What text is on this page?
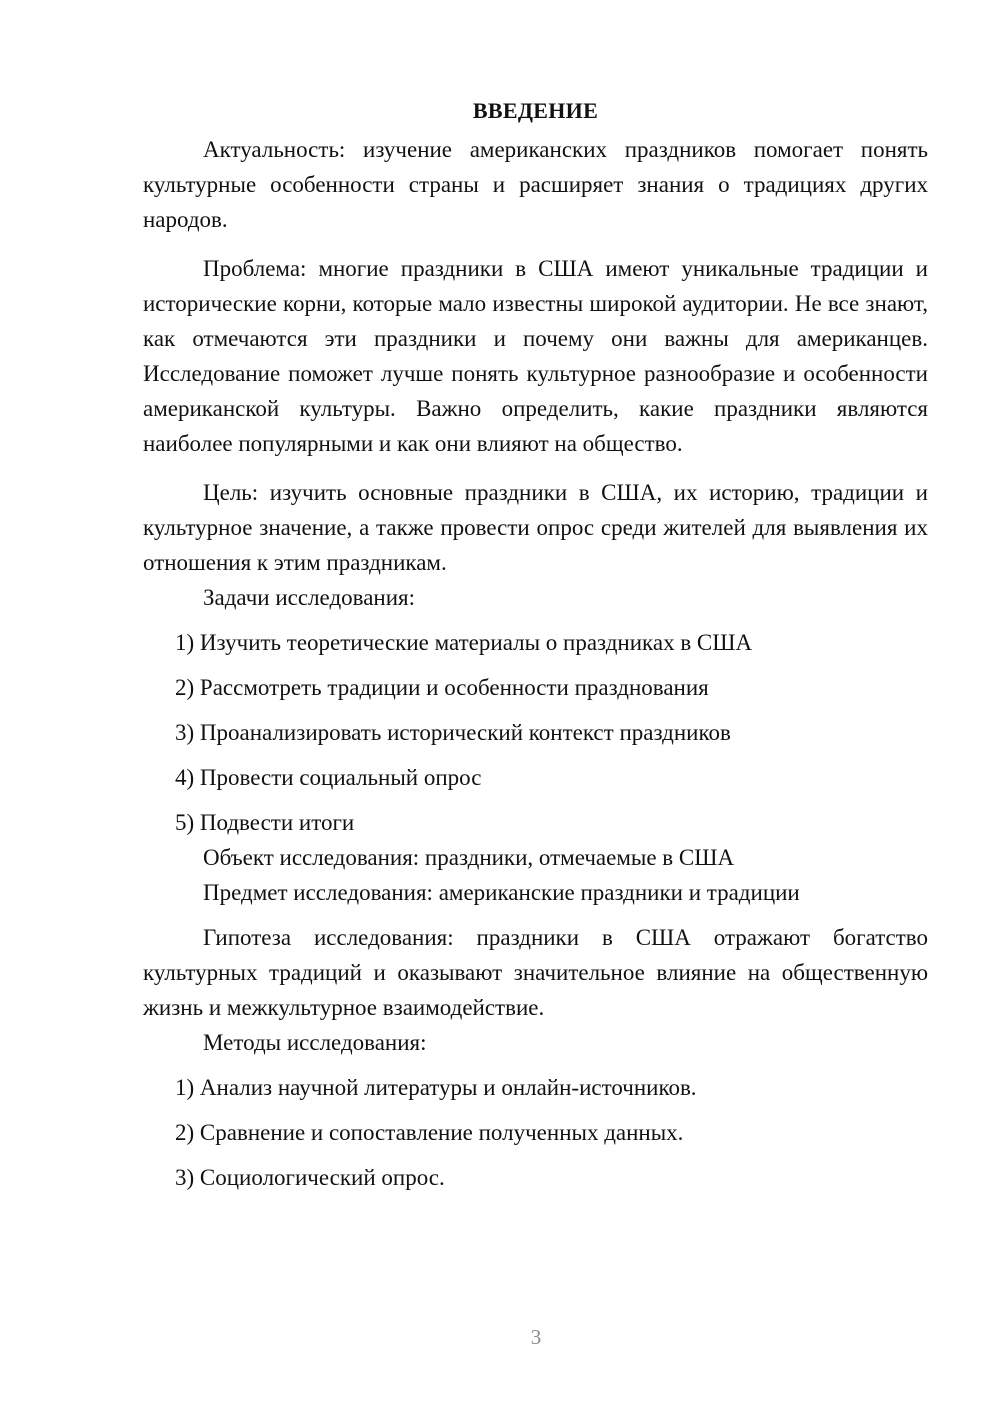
ВВЕДЕНИЕ

Актуальность: изучение американских праздников помогает понять культурные особенности страны и расширяет знания о традициях других народов.

Проблема: многие праздники в США имеют уникальные традиции и исторические корни, которые мало известны широкой аудитории. Не все знают, как отмечаются эти праздники и почему они важны для американцев. Исследование поможет лучше понять культурное разнообразие и особенности американской культуры. Важно определить, какие праздники являются наиболее популярными и как они влияют на общество.

Цель: изучить основные праздники в США, их историю, традиции и культурное значение, а также провести опрос среди жителей для выявления их отношения к этим праздникам.

Задачи исследования:

1) Изучить теоретические материалы о праздниках в США

2) Рассмотреть традиции и особенности празднования

3) Проанализировать исторический контекст праздников

4) Провести социальный опрос

5) Подвести итоги

Объект исследования: праздники, отмечаемые в США

Предмет исследования: американские праздники и традиции

Гипотеза исследования: праздники в США отражают богатство культурных традиций и оказывают значительное влияние на общественную жизнь и межкультурное взаимодействие.

Методы исследования:

1) Анализ научной литературы и онлайн-источников.

2) Сравнение и сопоставление полученных данных.

3) Социологический опрос.

3
